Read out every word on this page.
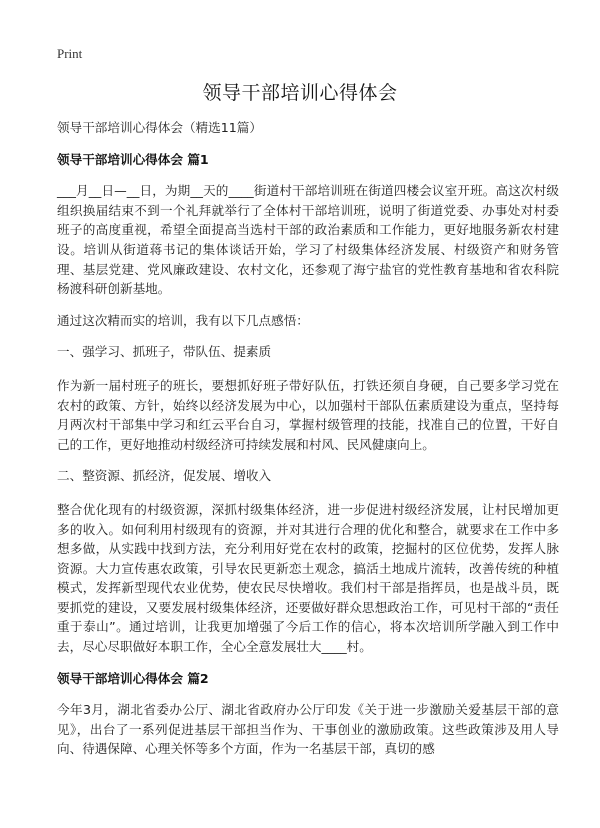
Print
领导干部培训心得体会

领导干部培训心得体会（精选11篇）

领导干部培训心得体会 篇1

___月__日—__日，为期__天的____街道村干部培训班在街道四楼会议室开班。高这次村级组织换届结束不到一个礼拜就举行了全体村干部培训班，说明了街道党委、办事处对村委班子的高度重视，希望全面提高当选村干部的政治素质和工作能力，更好地服务新农村建设。培训从街道蒋书记的集体谈话开始，学习了村级集体经济发展、村级资产和财务管理、基层党建、党风廉政建设、农村文化，还参观了海宁盐官的党性教育基地和省农科院杨渡科研创新基地。

通过这次精而实的培训，我有以下几点感悟：

一、强学习、抓班子，带队伍、提素质

作为新一届村班子的班长，要想抓好班子带好队伍，打铁还须自身硬，自己要多学习党在农村的政策、方针，始终以经济发展为中心，以加强村干部队伍素质建设为重点，坚持每月两次村干部集中学习和红云平台自习，掌握村级管理的技能，找准自己的位置，干好自己的工作，更好地推动村级经济可持续发展和村风、民风健康向上。

二、整资源、抓经济，促发展、增收入

整合优化现有的村级资源，深抓村级集体经济，进一步促进村级经济发展，让村民增加更多的收入。如何利用村级现有的资源，并对其进行合理的优化和整合，就要求在工作中多想多做，从实践中找到方法，充分利用好党在农村的政策，挖掘村的区位优势，发挥人脉资源。大力宣传惠农政策，引导农民更新恋土观念，搞活土地成片流转，改善传统的种植模式，发挥新型现代农业优势，使农民尽快增收。我们村干部是指挥员，也是战斗员，既要抓党的建设，又要发展村级集体经济，还要做好群众思想政治工作，可见村干部的“责任重于泰山”。通过培训，让我更加增强了今后工作的信心，将本次培训所学融入到工作中去，尽心尽职做好本职工作，全心全意发展壮大____村。

领导干部培训心得体会 篇2

今年3月，湖北省委办公厅、湖北省政府办公厅印发《关于进一步激励关爱基层干部的意见》，出台了一系列促进基层干部担当作为、干事创业的激励政策。这些政策涉及用人导向、待遇保障、心理关怀等多个方面，作为一名基层干部，真切的感
